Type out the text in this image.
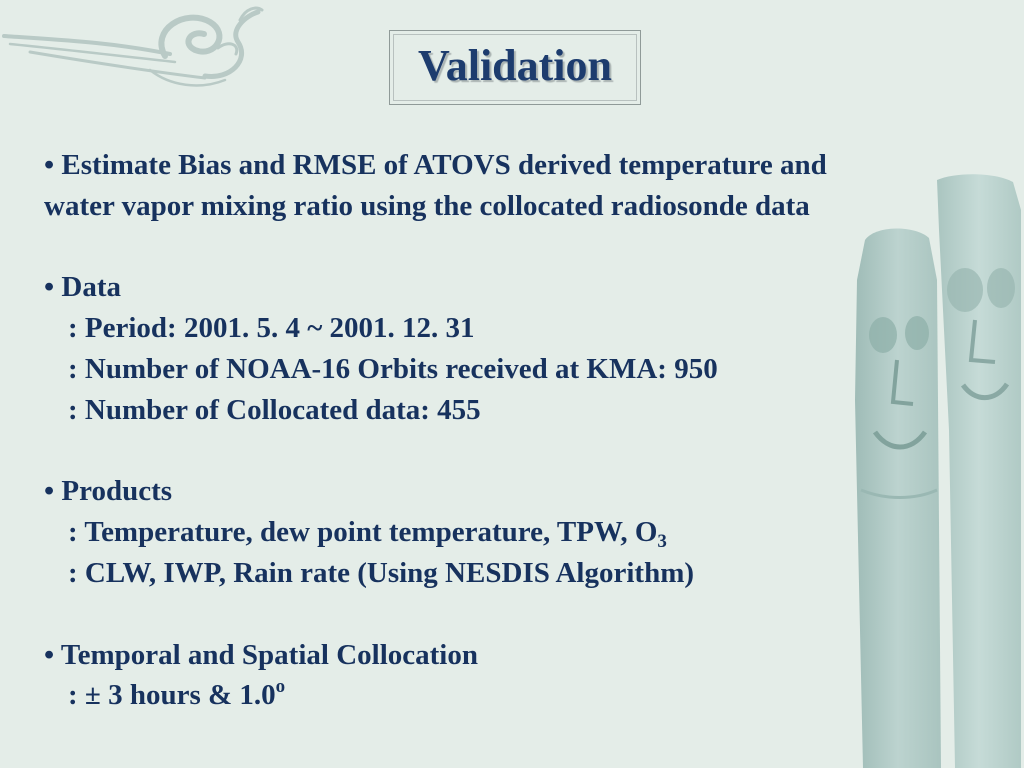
Validation
• Estimate Bias and RMSE of ATOVS derived temperature and
water vapor mixing ratio using the collocated radiosonde data
• Data
: Period: 2001. 5. 4 ~ 2001. 12. 31
: Number of NOAA-16 Orbits received at KMA: 950
: Number of Collocated data: 455
• Products
: Temperature, dew point temperature, TPW, $O_3$
: CLW, IWP, Rain rate (Using NESDIS Algorithm)
• Temporal and Spatial Collocation
: ± 3 hours & 1.0$^o$
